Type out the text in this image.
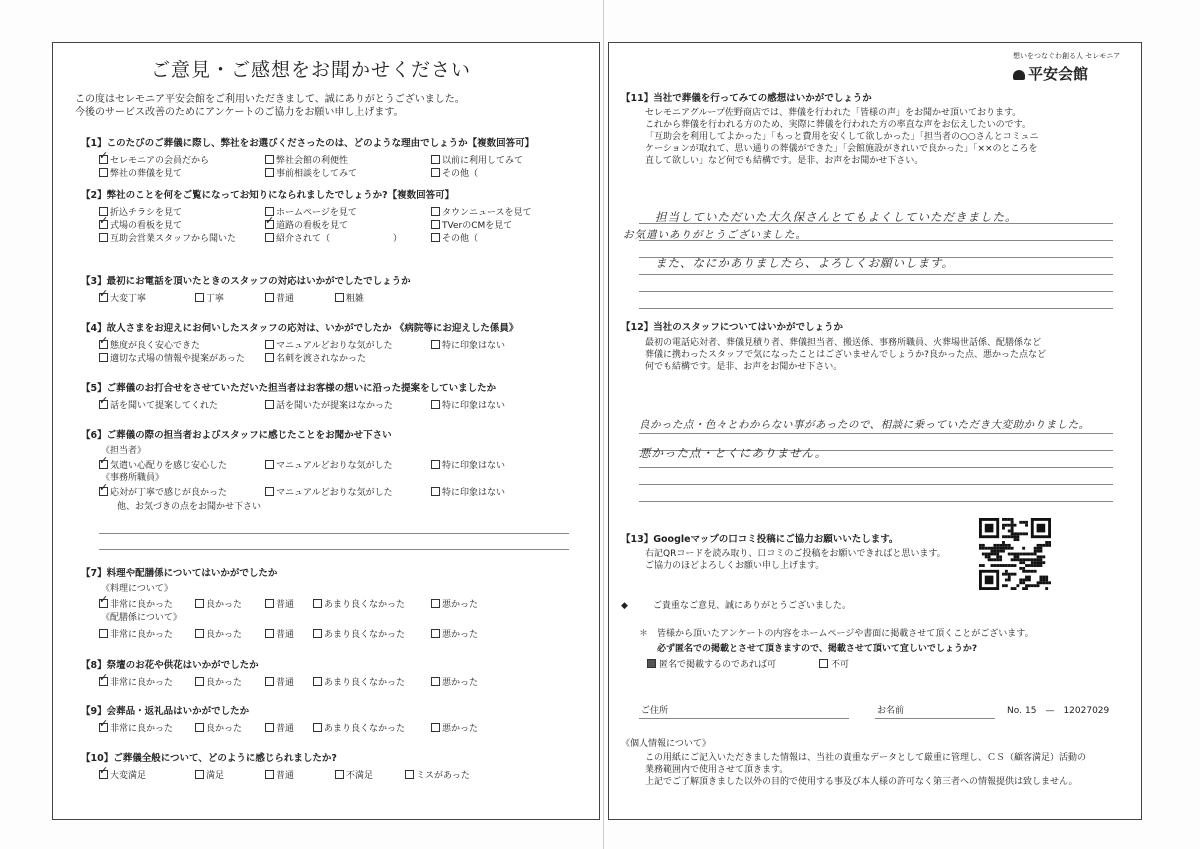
ご意見・ご感想をお聞かせください
この度はセレモニア平安会館をご利用いただきまして、誠にありがとうございました。
今後のサービス改善のためにアンケートのご協力をお願い申し上げます。
【1】このたびのご葬儀に際し、弊社をお選びくださったのは、どのような理由でしょうか【複数回答可】
✓セレモニアの会員だから	弊社会館の利便性	以前に利用してみて
弊社の葬儀を見て	事前相談をしてみて	その他（
【2】弊社のことを何をご覧になってお知りになられましたでしょうか?【複数回答可】
折込チラシを見て	ホームページを見て	タウンニュースを見て
✓式場の看板を見て
✓	道路の看板を見て	TVerのCMを見て
互助会営業スタッフから聞いた	紹介されて（　　　　　　　）	その他（
【3】最初にお電話を頂いたときのスタッフの対応はいかがでしたでしょうか
✓大変丁寧	丁寧	普通	粗雑
【4】故人さまをお迎えにお伺いしたスタッフの応対は、いかがでしたか 《病院等にお迎えした係員》
✓態度が良く安心できた	マニュアルどおりな気がした	特に印象はない
適切な式場の情報や提案があった	名刺を渡されなかった
【5】ご葬儀のお打合せをさせていただいた担当者はお客様の想いに沿った提案をしていましたか
✓話を聞いて提案してくれた	話を聞いたが提案はなかった	特に印象はない
【6】ご葬儀の際の担当者およびスタッフに感じたことをお聞かせ下さい
《担当者》
✓気遣い心配りを感じ安心した	マニュアルどおりな気がした	特に印象はない
《事務所職員》
✓応対が丁寧で感じが良かった	マニュアルどおりな気がした	特に印象はない
他、お気づきの点をお聞かせ下さい
【7】料理や配膳係についてはいかがでしたか
《料理について》
✓非常に良かった	良かった	普通	あまり良くなかった	悪かった
《配膳係について》
非常に良かった	良かった	普通	あまり良くなかった	悪かった
【8】祭壇のお花や供花はいかがでしたか
✓非常に良かった	良かった	普通	あまり良くなかった	悪かった
【9】会葬品・返礼品はいかがでしたか
✓非常に良かった	良かった	普通	あまり良くなかった	悪かった
【10】ご葬儀全般について、どのように感じられましたか?
✓大変満足	満足	普通	不満足	ミスがあった
想いをつなぐわ創る人 セレモニア
平安会館
【11】当社で葬儀を行ってみての感想はいかがでしょうか
セレモニアグループ佐野商店では、葬儀を行われた「皆様の声」をお聞かせ頂いております。
これから葬儀を行われる方のため、実際に葬儀を行われた方の率直な声をお伝えしたいのです。
「互助会を利用してよかった」「もっと費用を安くして欲しかった」「担当者の○○さんとコミュニ
ケーションが取れて、思い通りの葬儀ができた」「会館施設がきれいで良かった」「××のところを
直して欲しい」など何でも結構です。是非、お声をお聞かせ下さい。
担当していただいた大久保さんとてもよくしていただきました。
お気遣いありがとうございました。
また、なにかありましたら、よろしくお願いします。
【12】当社のスタッフについてはいかがでしょうか
最初の電話応対者、葬儀見積り者、葬儀担当者、搬送係、事務所職員、火葬場世話係、配膳係など
葬儀に携わったスタッフで気になったことはございませんでしょうか?良かった点、悪かった点など
何でも結構です。是非、お声をお聞かせ下さい。
良かった点・色々とわからない事があったので、相談に乗っていただき大変助かりました。
悪かった点・とくにありません。
【13】Googleマップの口コミ投稿にご協力お願いいたします。
右記QRコードを読み取り、口コミのご投稿をお願いできればと思います。
ご協力のほどよろしくお願い申し上げます。
◆	ご貴重なご意見、誠にありがとうございました。
＊ 皆様から頂いたアンケートの内容をホームページや書面に掲載させて頂くことがございます。
必ず匿名での掲載とさせて頂きますので、掲載させて頂いて宜しいでしょうか?
匿名で掲載するのであれば可	不可
ご住所	お名前	No. 15　—　12027029
《個人情報について》
この用紙にご記入いただきました情報は、当社の貴重なデータとして厳重に管理し、ＣＳ（顧客満足）活動の
業務範囲内で使用させて頂きます。
上記でご了解頂きました以外の目的で使用する事及び本人様の許可なく第三者への情報提供は致しません。
